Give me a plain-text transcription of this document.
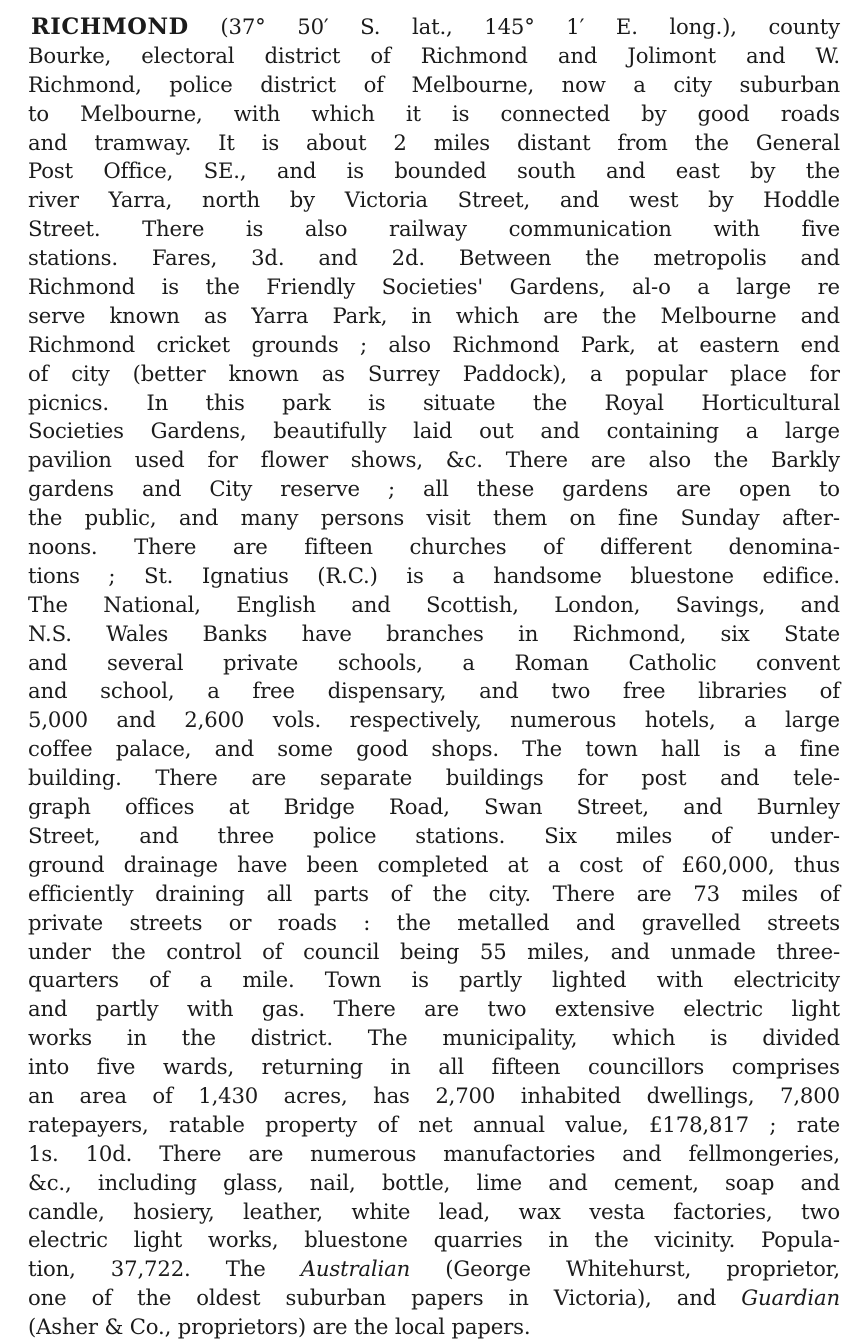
RICHMOND (37° 50′ S. lat., 145° 1′ E. long.), county
Bourke, electoral district of Richmond and Jolimont and W.
Richmond, police district of Melbourne, now a city suburban
to Melbourne, with which it is connected by good roads
and tramway. It is about 2 miles distant from the General
Post Office, SE., and is bounded south and east by the
river Yarra, north by Victoria Street, and west by Hoddle
Street. There is also railway communication with five
stations. Fares, 3d. and 2d. Between the metropolis and
Richmond is the Friendly Societies' Gardens, al-o a large re
serve known as Yarra Park, in which are the Melbourne and
Richmond cricket grounds ; also Richmond Park, at eastern end
of city (better known as Surrey Paddock), a popular place for
picnics. In this park is situate the Royal Horticultural
Societies Gardens, beautifully laid out and containing a large
pavilion used for flower shows, &c. There are also the Barkly
gardens and City reserve ; all these gardens are open to
the public, and many persons visit them on fine Sunday after-
noons. There are fifteen churches of different denomina-
tions ; St. Ignatius (R.C.) is a handsome bluestone edifice.
The National, English and Scottish, London, Savings, and
N.S. Wales Banks have branches in Richmond, six State
and several private schools, a Roman Catholic convent
and school, a free dispensary, and two free libraries of
5,000 and 2,600 vols. respectively, numerous hotels, a large
coffee palace, and some good shops. The town hall is a fine
building. There are separate buildings for post and tele-
graph offices at Bridge Road, Swan Street, and Burnley
Street, and three police stations. Six miles of under-
ground drainage have been completed at a cost of £60,000, thus
efficiently draining all parts of the city. There are 73 miles of
private streets or roads : the metalled and gravelled streets
under the control of council being 55 miles, and unmade three-
quarters of a mile. Town is partly lighted with electricity
and partly with gas. There are two extensive electric light
works in the district. The municipality, which is divided
into five wards, returning in all fifteen councillors comprises
an area of 1,430 acres, has 2,700 inhabited dwellings, 7,800
ratepayers, ratable property of net annual value, £178,817 ; rate
1s. 10d. There are numerous manufactories and fellmongeries,
&c., including glass, nail, bottle, lime and cement, soap and
candle, hosiery, leather, white lead, wax vesta factories, two
electric light works, bluestone quarries in the vicinity. Popula-
tion, 37,722. The Australian (George Whitehurst, proprietor,
one of the oldest suburban papers in Victoria), and Guardian
(Asher & Co., proprietors) are the local papers.
